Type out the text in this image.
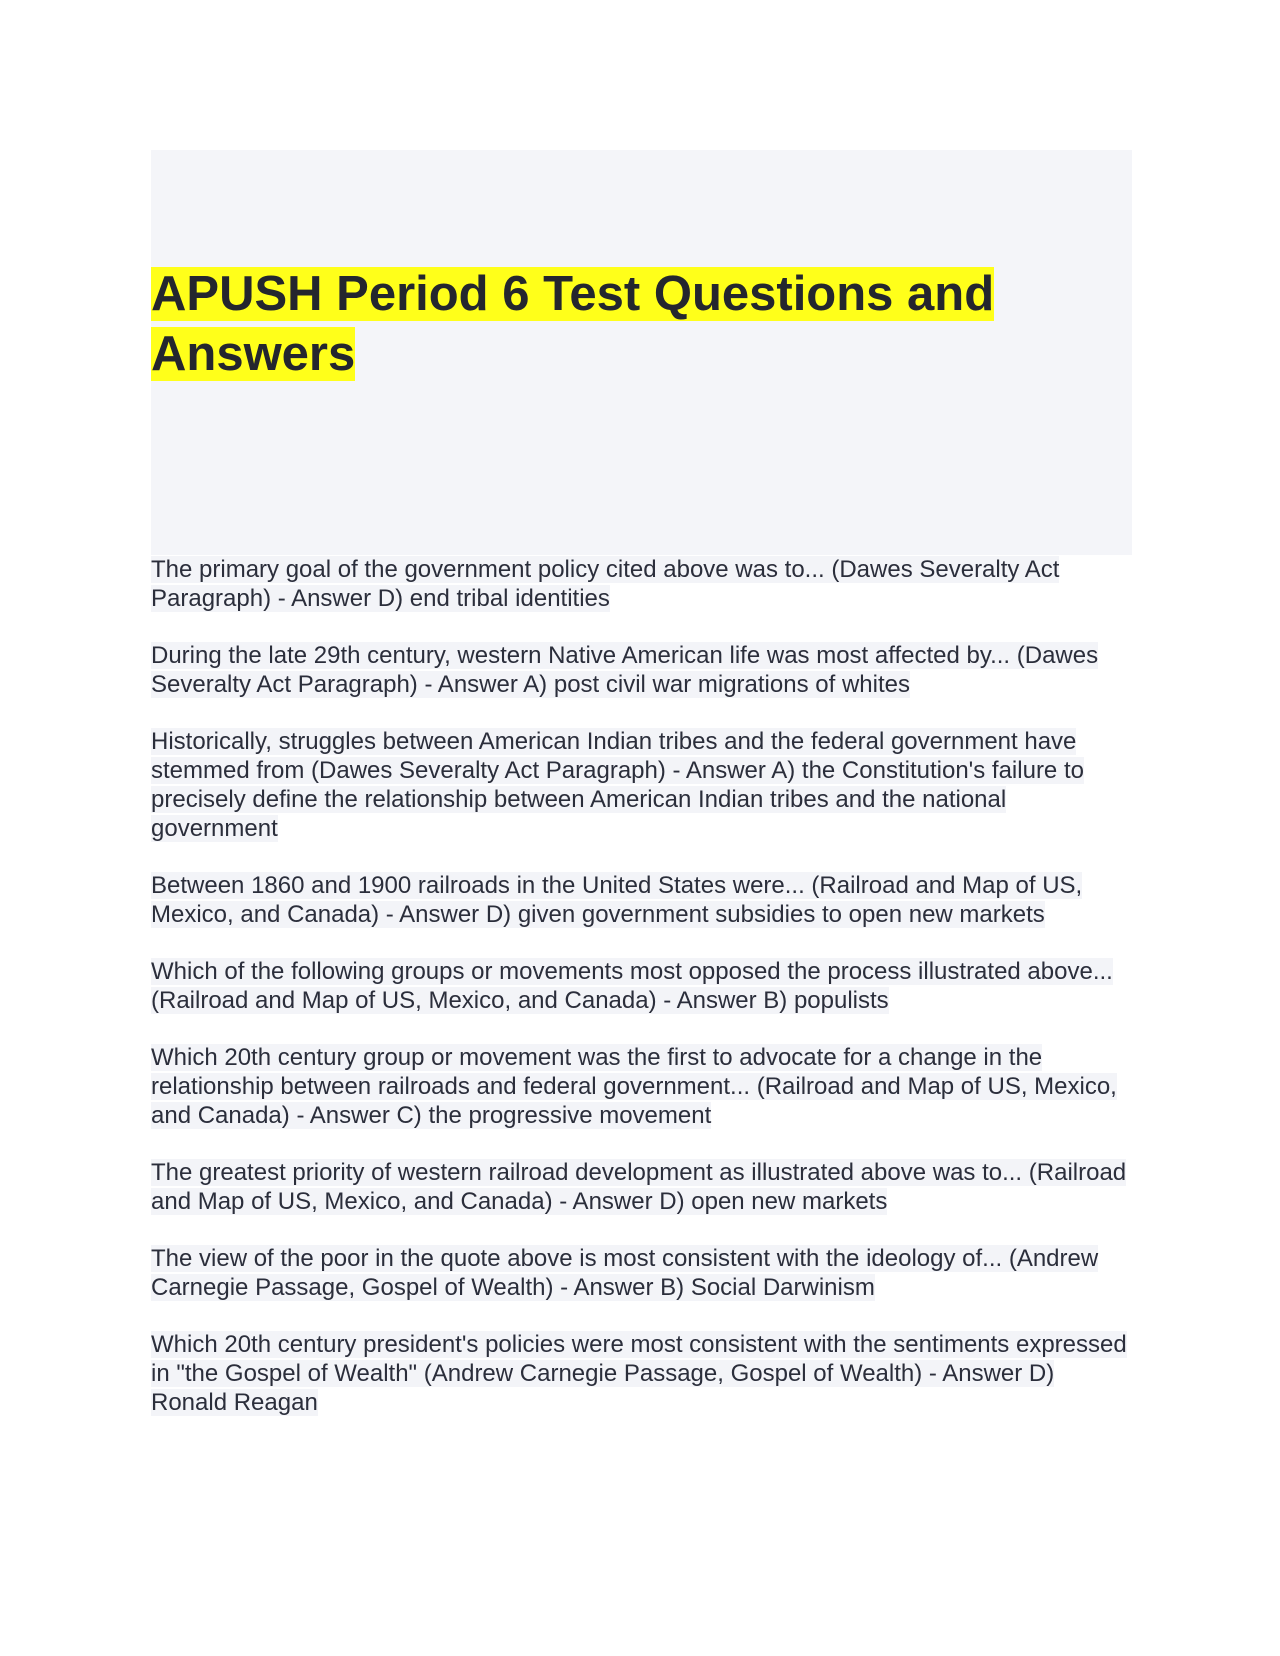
APUSH Period 6 Test Questions and Answers

The primary goal of the government policy cited above was to... (Dawes Severalty Act Paragraph) - Answer D) end tribal identities

During the late 29th century, western Native American life was most affected by... (Dawes Severalty Act Paragraph) - Answer A) post civil war migrations of whites

Historically, struggles between American Indian tribes and the federal government have stemmed from (Dawes Severalty Act Paragraph) - Answer A) the Constitution's failure to precisely define the relationship between American Indian tribes and the national government

Between 1860 and 1900 railroads in the United States were... (Railroad and Map of US, Mexico, and Canada) - Answer D) given government subsidies to open new markets

Which of the following groups or movements most opposed the process illustrated above... (Railroad and Map of US, Mexico, and Canada) - Answer B) populists

Which 20th century group or movement was the first to advocate for a change in the relationship between railroads and federal government... (Railroad and Map of US, Mexico, and Canada) - Answer C) the progressive movement

The greatest priority of western railroad development as illustrated above was to... (Railroad and Map of US, Mexico, and Canada) - Answer D) open new markets

The view of the poor in the quote above is most consistent with the ideology of... (Andrew Carnegie Passage, Gospel of Wealth) - Answer B) Social Darwinism

Which 20th century president's policies were most consistent with the sentiments expressed in "the Gospel of Wealth" (Andrew Carnegie Passage, Gospel of Wealth) - Answer D) Ronald Reagan
